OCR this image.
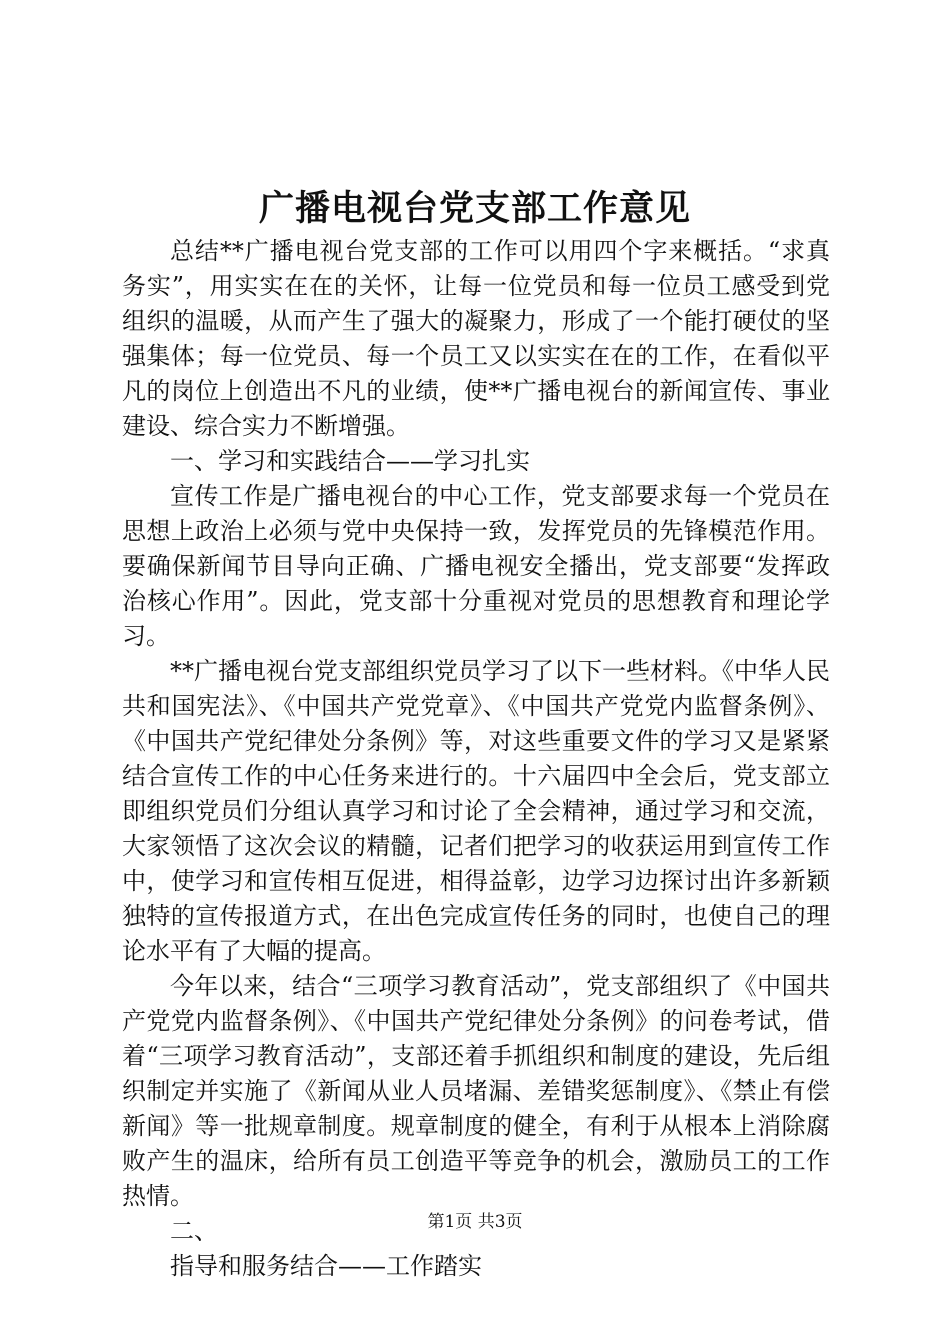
广播电视台党支部工作意见

总结**广播电视台党支部的工作可以用四个字来概括。“求真务实”，用实实在在的关怀，让每一位党员和每一位员工感受到党组织的温暖，从而产生了强大的凝聚力，形成了一个能打硬仗的坚强集体；每一位党员、每一个员工又以实实在在的工作，在看似平凡的岗位上创造出不凡的业绩，使**广播电视台的新闻宣传、事业建设、综合实力不断增强。

一、学习和实践结合——学习扎实

宣传工作是广播电视台的中心工作，党支部要求每一个党员在思想上政治上必须与党中央保持一致，发挥党员的先锋模范作用。要确保新闻节目导向正确、广播电视安全播出，党支部要“发挥政治核心作用”。因此，党支部十分重视对党员的思想教育和理论学习。

**广播电视台党支部组织党员学习了以下一些材料。《中华人民共和国宪法》、《中国共产党党章》、《中国共产党党内监督条例》、《中国共产党纪律处分条例》等，对这些重要文件的学习又是紧紧结合宣传工作的中心任务来进行的。十六届四中全会后，党支部立即组织党员们分组认真学习和讨论了全会精神，通过学习和交流，大家领悟了这次会议的精髓，记者们把学习的收获运用到宣传工作中，使学习和宣传相互促进，相得益彰，边学习边探讨出许多新颖独特的宣传报道方式，在出色完成宣传任务的同时，也使自己的理论水平有了大幅的提高。

今年以来，结合“三项学习教育活动”，党支部组织了《中国共产党党内监督条例》、《中国共产党纪律处分条例》的问卷考试，借着“三项学习教育活动”，支部还着手抓组织和制度的建设，先后组织制定并实施了《新闻从业人员堵漏、差错奖惩制度》、《禁止有偿新闻》等一批规章制度。规章制度的健全，有利于从根本上消除腐败产生的温床，给所有员工创造平等竞争的机会，激励员工的工作热情。

二、

指导和服务结合——工作踏实

第1页 共3页
